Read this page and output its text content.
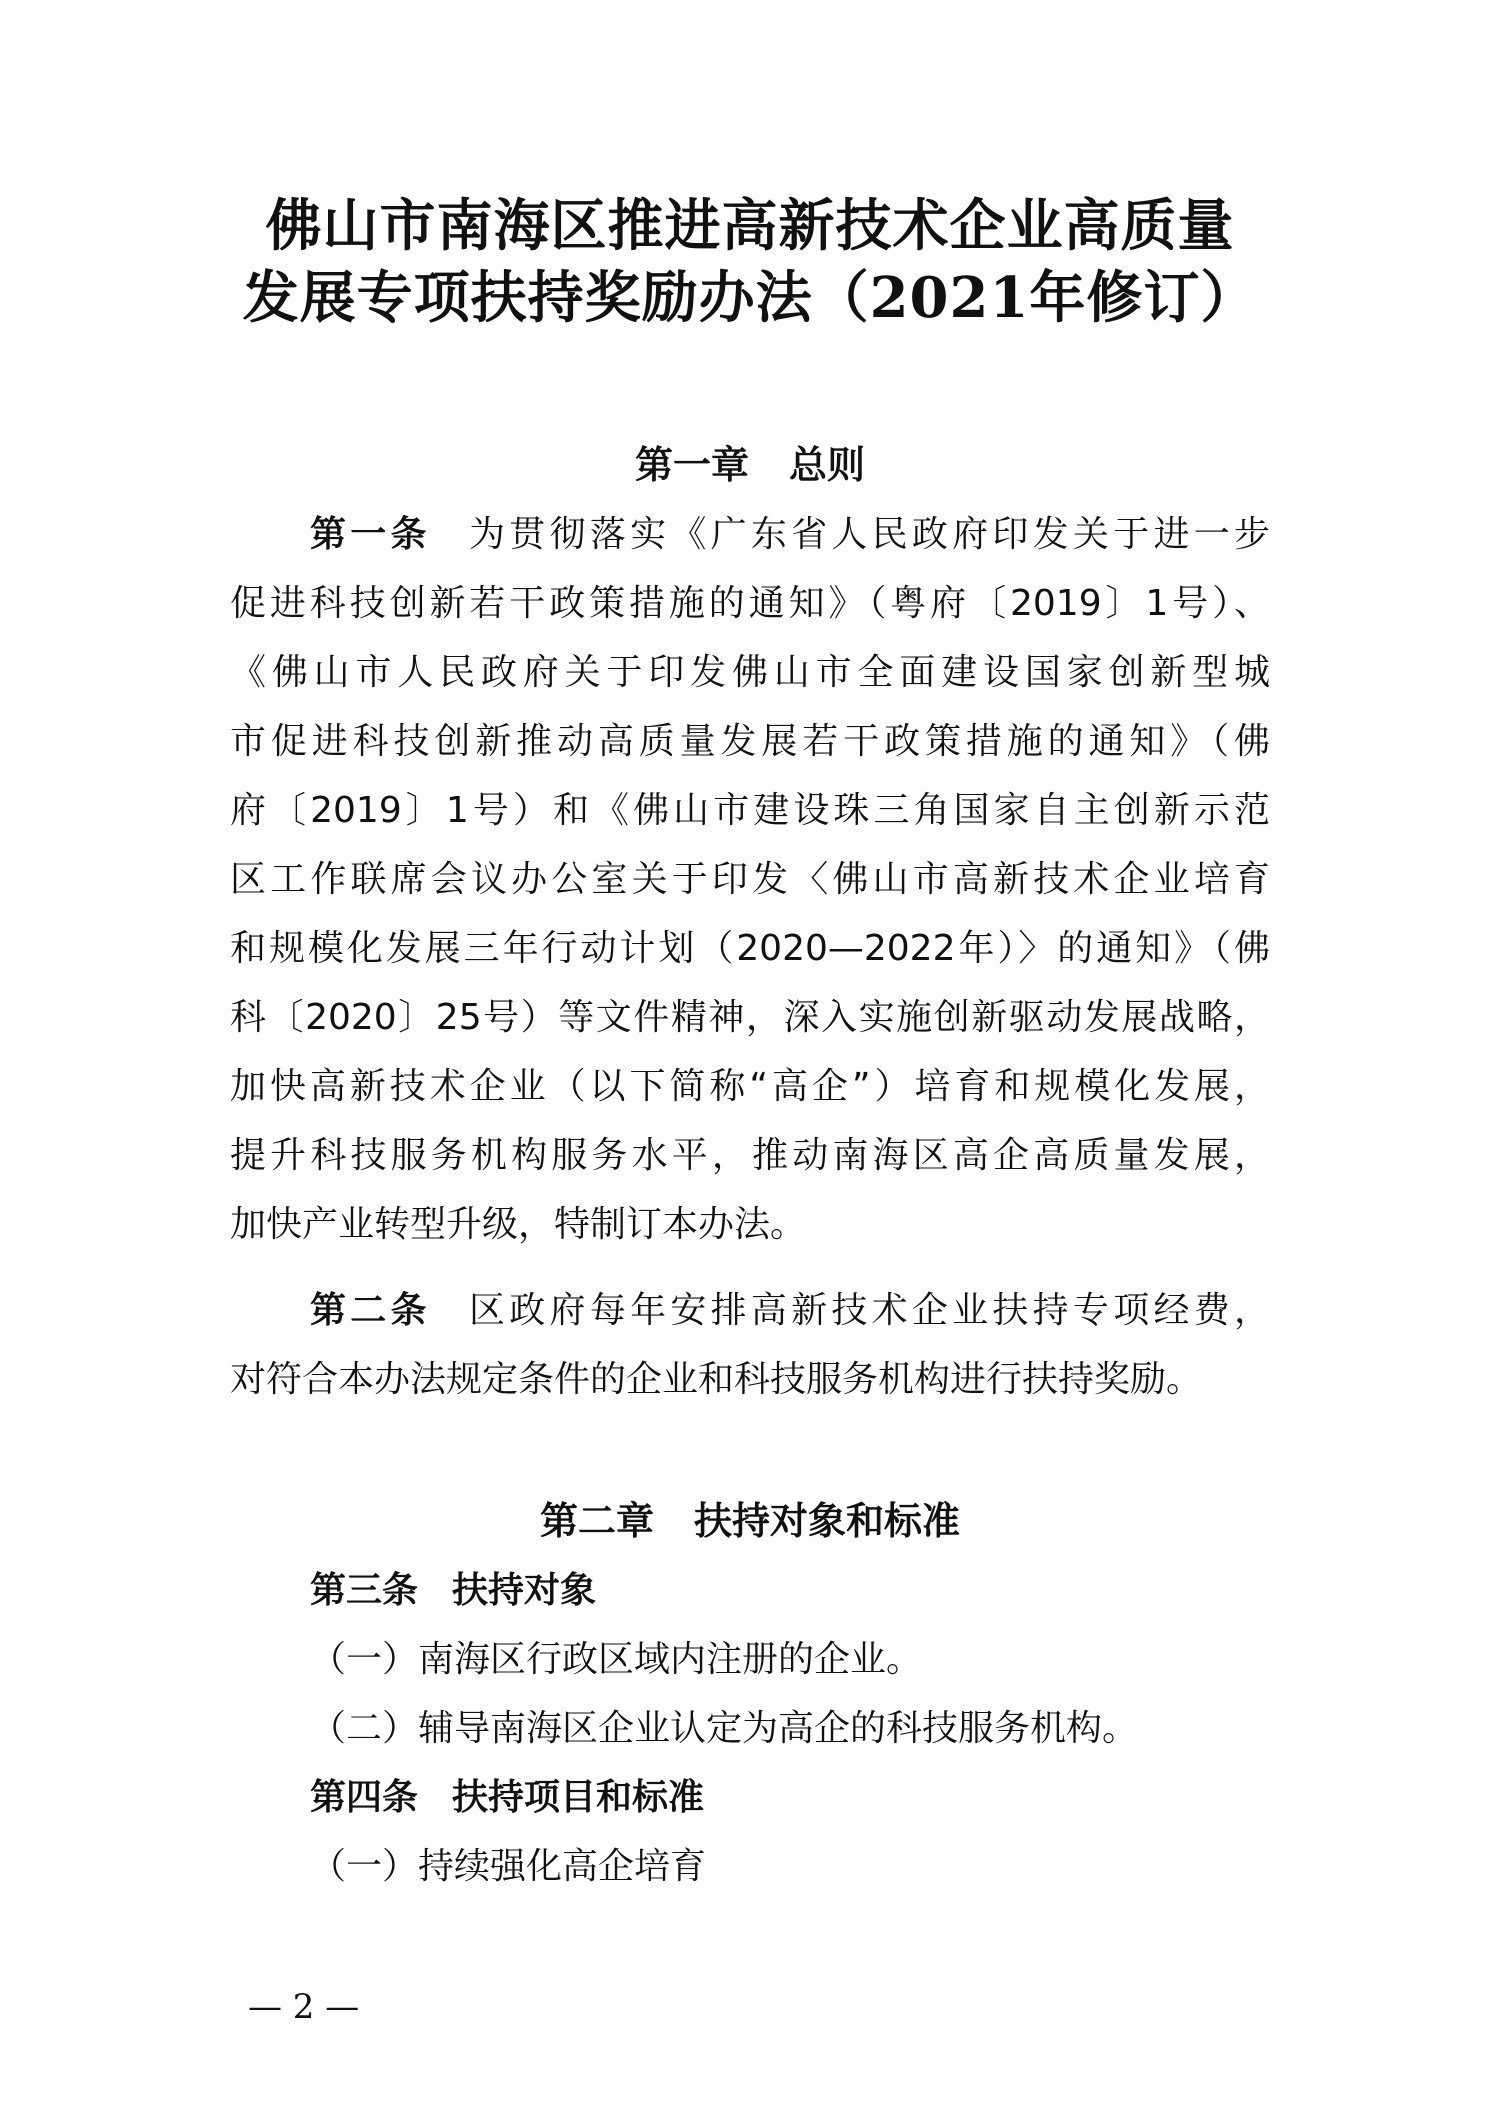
佛山市南海区推进高新技术企业高质量
发展专项扶持奖励办法（2021年修订）
第一章 总则
第一条 为贯彻落实《广东省人民政府印发关于进一步
促进科技创新若干政策措施的通知》（粤府〔2019〕1号）、
《佛山市人民政府关于印发佛山市全面建设国家创新型城
市促进科技创新推动高质量发展若干政策措施的通知》（佛
府〔2019〕1号）和《佛山市建设珠三角国家自主创新示范
区工作联席会议办公室关于印发〈佛山市高新技术企业培育
和规模化发展三年行动计划（2020—2022年）〉的通知》（佛
科〔2020〕25号）等文件精神，深入实施创新驱动发展战略，
加快高新技术企业（以下简称“高企”）培育和规模化发展，
提升科技服务机构服务水平，推动南海区高企高质量发展，
加快产业转型升级，特制订本办法。
第二条 区政府每年安排高新技术企业扶持专项经费，
对符合本办法规定条件的企业和科技服务机构进行扶持奖励。
第二章 扶持对象和标准
第三条 扶持对象
（一）南海区行政区域内注册的企业。
（二）辅导南海区企业认定为高企的科技服务机构。
第四条 扶持项目和标准
（一）持续强化高企培育
— 2 —
